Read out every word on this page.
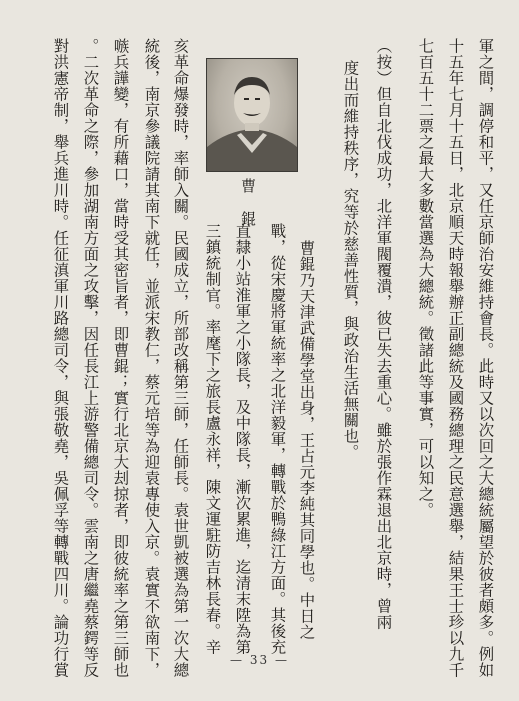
軍之間，調停和平，又任京師治安維持會長。此時又以次回之大總統屬望於彼者頗多。例如
十五年七月十五日，北京順天時報舉辦正副總統及國務總理之民意選舉，結果王士珍以九千
七百五十二票之最大多數當選為大總統。徵諸此等事實，可以知之。
（按）但自北伐成功，北洋軍閥覆潰，彼已失去重心。雖於張作霖退出北京時，曾兩
度出而維持秩序，究等於慈善性質，與政治生活無關也。
曹錕
曹錕乃天津武備學堂出身，王占元李純其同學也。中日之
戰，從宋慶將軍統率之北洋毅軍，轉戰於鴨綠江方面。其後充
直隸小站淮軍之小隊長，及中隊長，漸次累進，迄清末陞為第
三鎮統制官。率麾下之旅長盧永祥，陳文運駐防吉林長春。辛
亥革命爆發時，率師入關。民國成立，所部改稱第三師，任師長。袁世凱被選為第一次大總
統後，南京參議院請其南下就任，並派宋教仁，蔡元培等為迎袁專使入京。袁實不欲南下，
嗾兵譁變，有所藉口，當時受其密旨者，即曹錕；實行北京大刦掠者，即彼統率之第三師也
。二次革命之際，參加湖南方面之攻擊，因任長江上游警備總司令。雲南之唐繼堯蔡鍔等反
對洪憲帝制，舉兵進川時。任征滇軍川路總司令，與張敬堯，吳佩孚等轉戰四川。論功行賞	— 33 —
